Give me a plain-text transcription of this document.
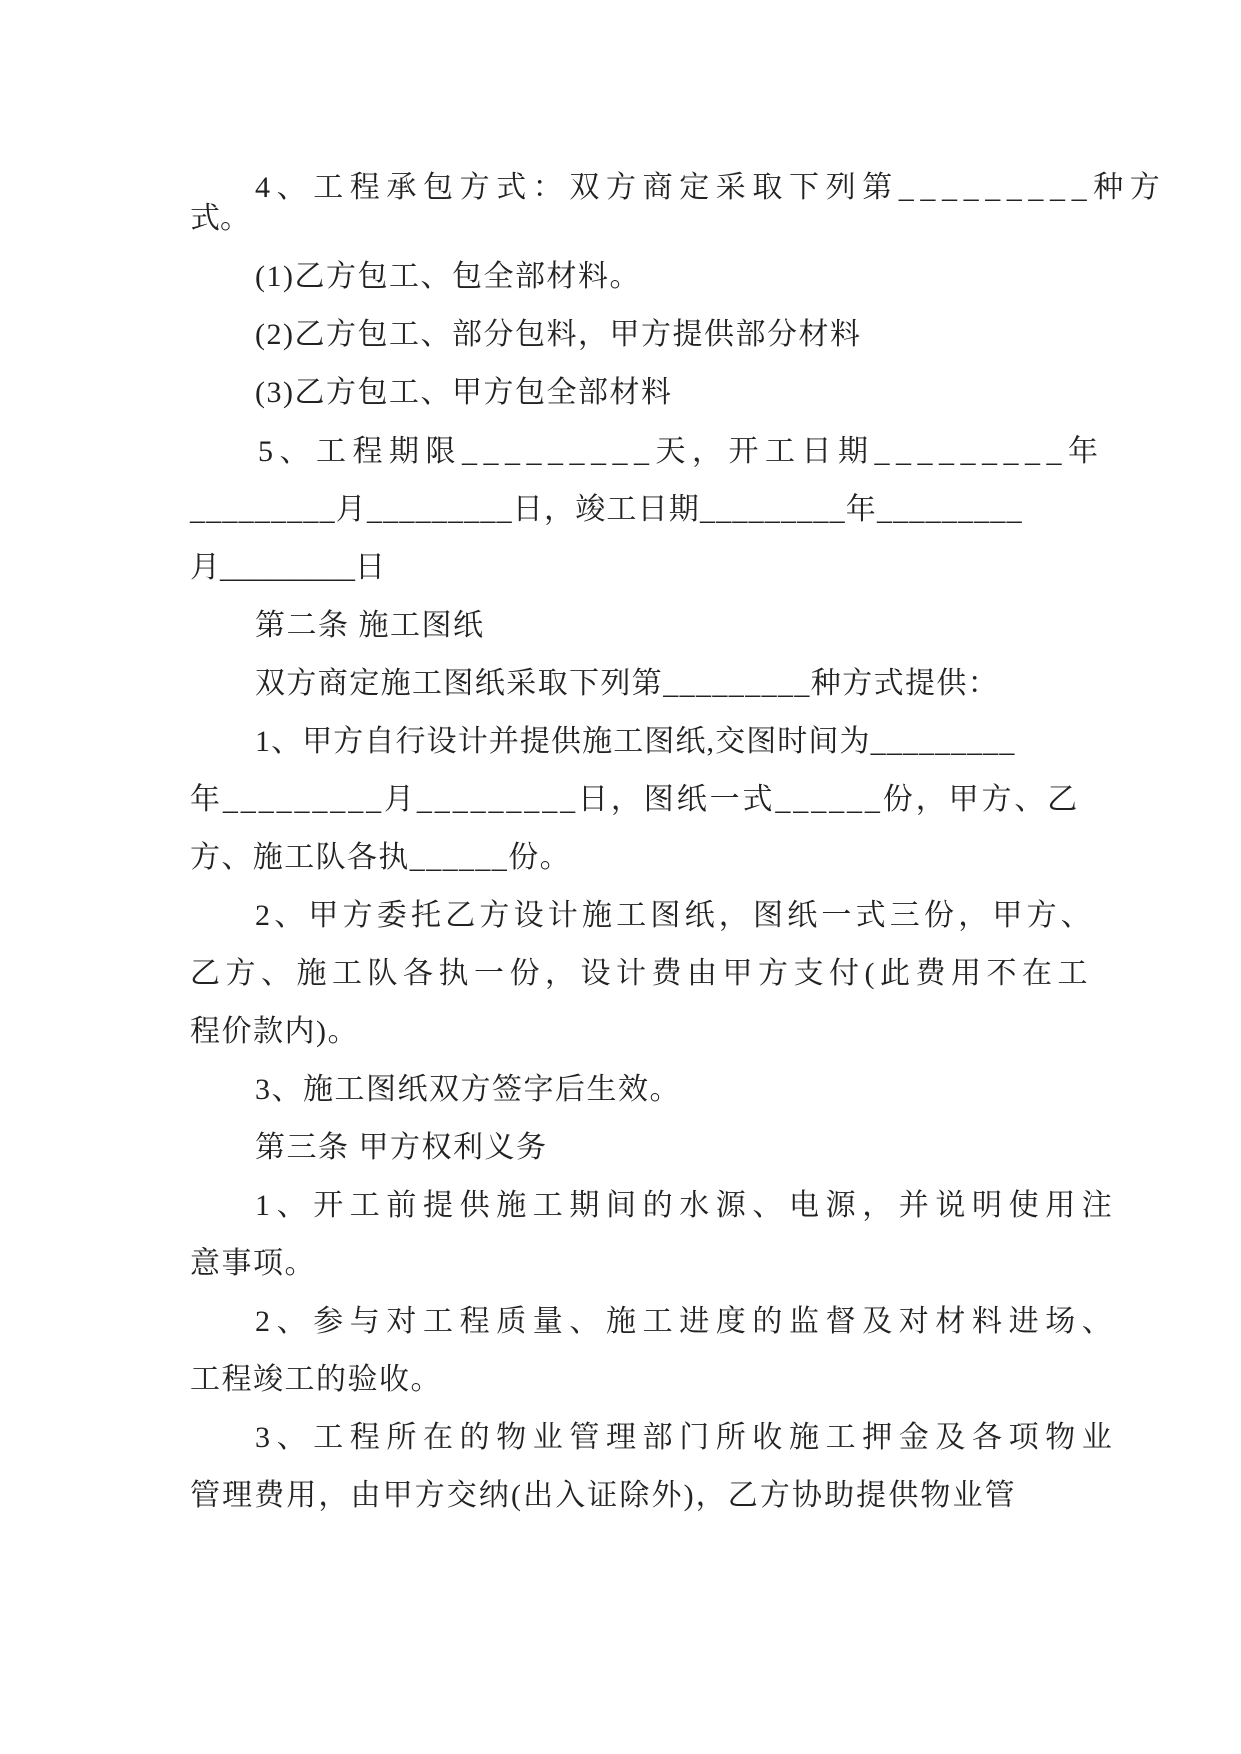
4、工程承包方式：双方商定采取下列第_________种方

式。

(1)乙方包工、包全部材料。

(2)乙方包工、部分包料，甲方提供部分材料

(3)乙方包工、甲方包全部材料

5、工程期限_________天，开工日期_________年

_________月_________日，竣工日期_________年_________

月_________日

第二条 施工图纸

双方商定施工图纸采取下列第_________种方式提供：

1、甲方自行设计并提供施工图纸,交图时间为_________

年_________月_________日，图纸一式______份，甲方、乙

方、施工队各执______份。

2、甲方委托乙方设计施工图纸，图纸一式三份，甲方、

乙方、施工队各执一份，设计费由甲方支付(此费用不在工

程价款内)。

3、施工图纸双方签字后生效。

第三条 甲方权利义务

1、开工前提供施工期间的水源、电源，并说明使用注

意事项。

2、参与对工程质量、施工进度的监督及对材料进场、

工程竣工的验收。

3、工程所在的物业管理部门所收施工押金及各项物业

管理费用，由甲方交纳(出入证除外)，乙方协助提供物业管
